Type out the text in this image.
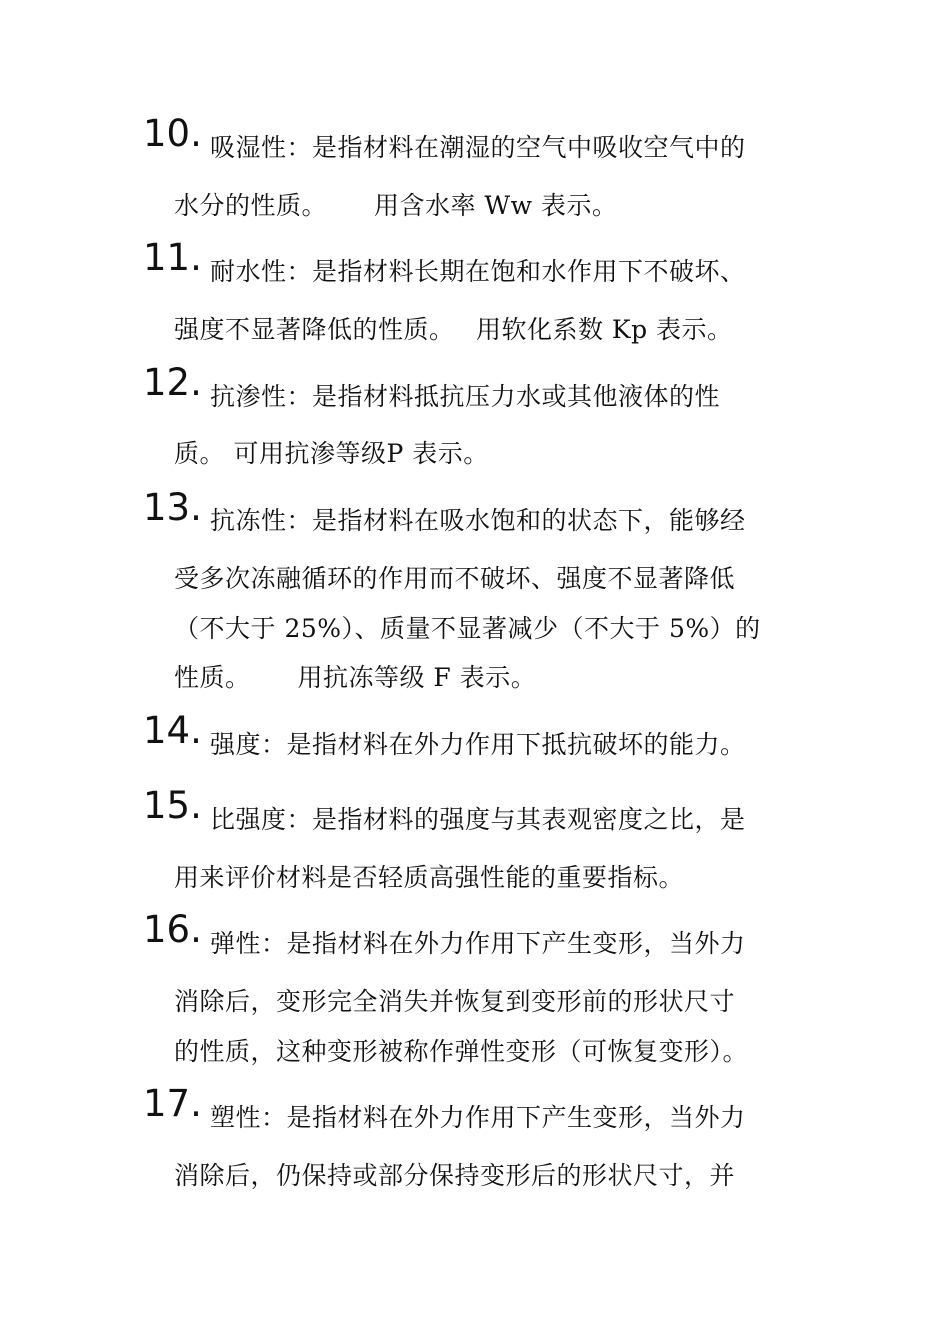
10. 吸湿性：是指材料在潮湿的空气中吸收空气中的
水分的性质。　　 用含水率 Ww 表示。
11. 耐水性：是指材料长期在饱和水作用下不破坏、
强度不显著降低的性质。　 用软化系数 Kp 表示。
12. 抗渗性：是指材料抵抗压力水或其他液体的性
质。 可用抗渗等级P 表示。
13. 抗冻性：是指材料在吸水饱和的状态下，能够经
受多次冻融循环的作用而不破坏、强度不显著降低
（不大于 25%）、质量不显著减少（不大于 5%）的
性质。　　 用抗冻等级 F 表示。
14. 强度：是指材料在外力作用下抵抗破坏的能力。
15. 比强度：是指材料的强度与其表观密度之比，是
用来评价材料是否轻质高强性能的重要指标。
16. 弹性：是指材料在外力作用下产生变形，当外力
消除后，变形完全消失并恢复到变形前的形状尺寸
的性质，这种变形被称作弹性变形（可恢复变形）。
17. 塑性：是指材料在外力作用下产生变形，当外力
消除后，仍保持或部分保持变形后的形状尺寸，并
